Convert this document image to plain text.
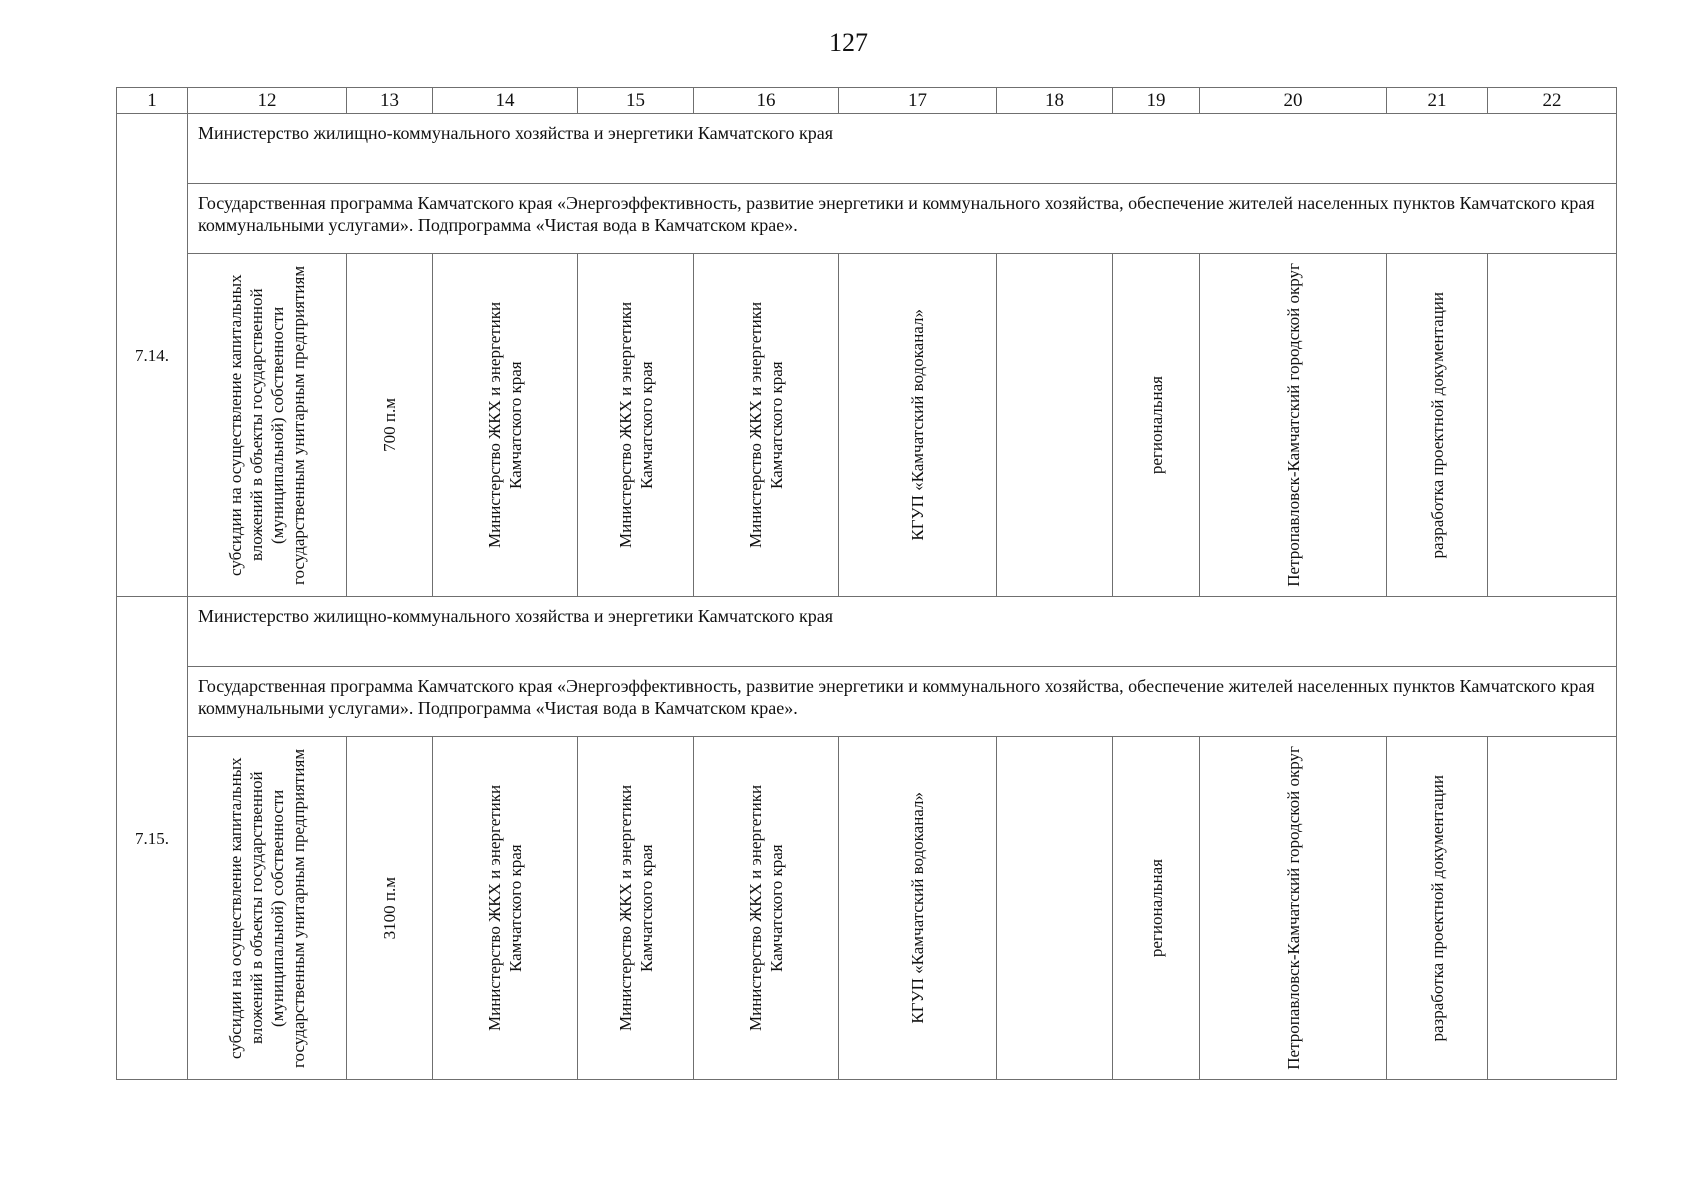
127
1	12	13	14	15	16	17	18	19	20	21	22
7.14.	Министерство жилищно-коммунального хозяйства и энергетики Камчатского края										
	Государственная программа Камчатского края «Энергоэффективность, развитие энергетики и коммунального хозяйства, обеспечение жителей населенных пунктов Камчатского края коммунальными услугами». Подпрограмма «Чистая вода в Камчатском крае».										

	субсидии на осуществление капитальных вложений в объекты государственной (муниципальной) собственности государственным унитарным предприятиям	700 п.м	Министерство ЖКХ и энергетики Камчатского края	Министерство ЖКХ и энергетики Камчатского края	Министерство ЖКХ и энергетики Камчатского края	КГУП «Камчатский водоканал»		региональная	Петропавловск-Камчатский городской округ	разработка проектной документации	

7.15.	Министерство жилищно-коммунального хозяйства и энергетики Камчатского края										
	Государственная программа Камчатского края «Энергоэффективность, развитие энергетики и коммунального хозяйства, обеспечение жителей населенных пунктов Камчатского края коммунальными услугами». Подпрограмма «Чистая вода в Камчатском крае».										

	субсидии на осуществление капитальных вложений в объекты государственной (муниципальной) собственности государственным унитарным предприятиям	3100 п.м	Министерство ЖКХ и энергетики Камчатского края	Министерство ЖКХ и энергетики Камчатского края	Министерство ЖКХ и энергетики Камчатского края	КГУП «Камчатский водоканал»		региональная	Петропавловск-Камчатский городской округ	разработка проектной документации	
